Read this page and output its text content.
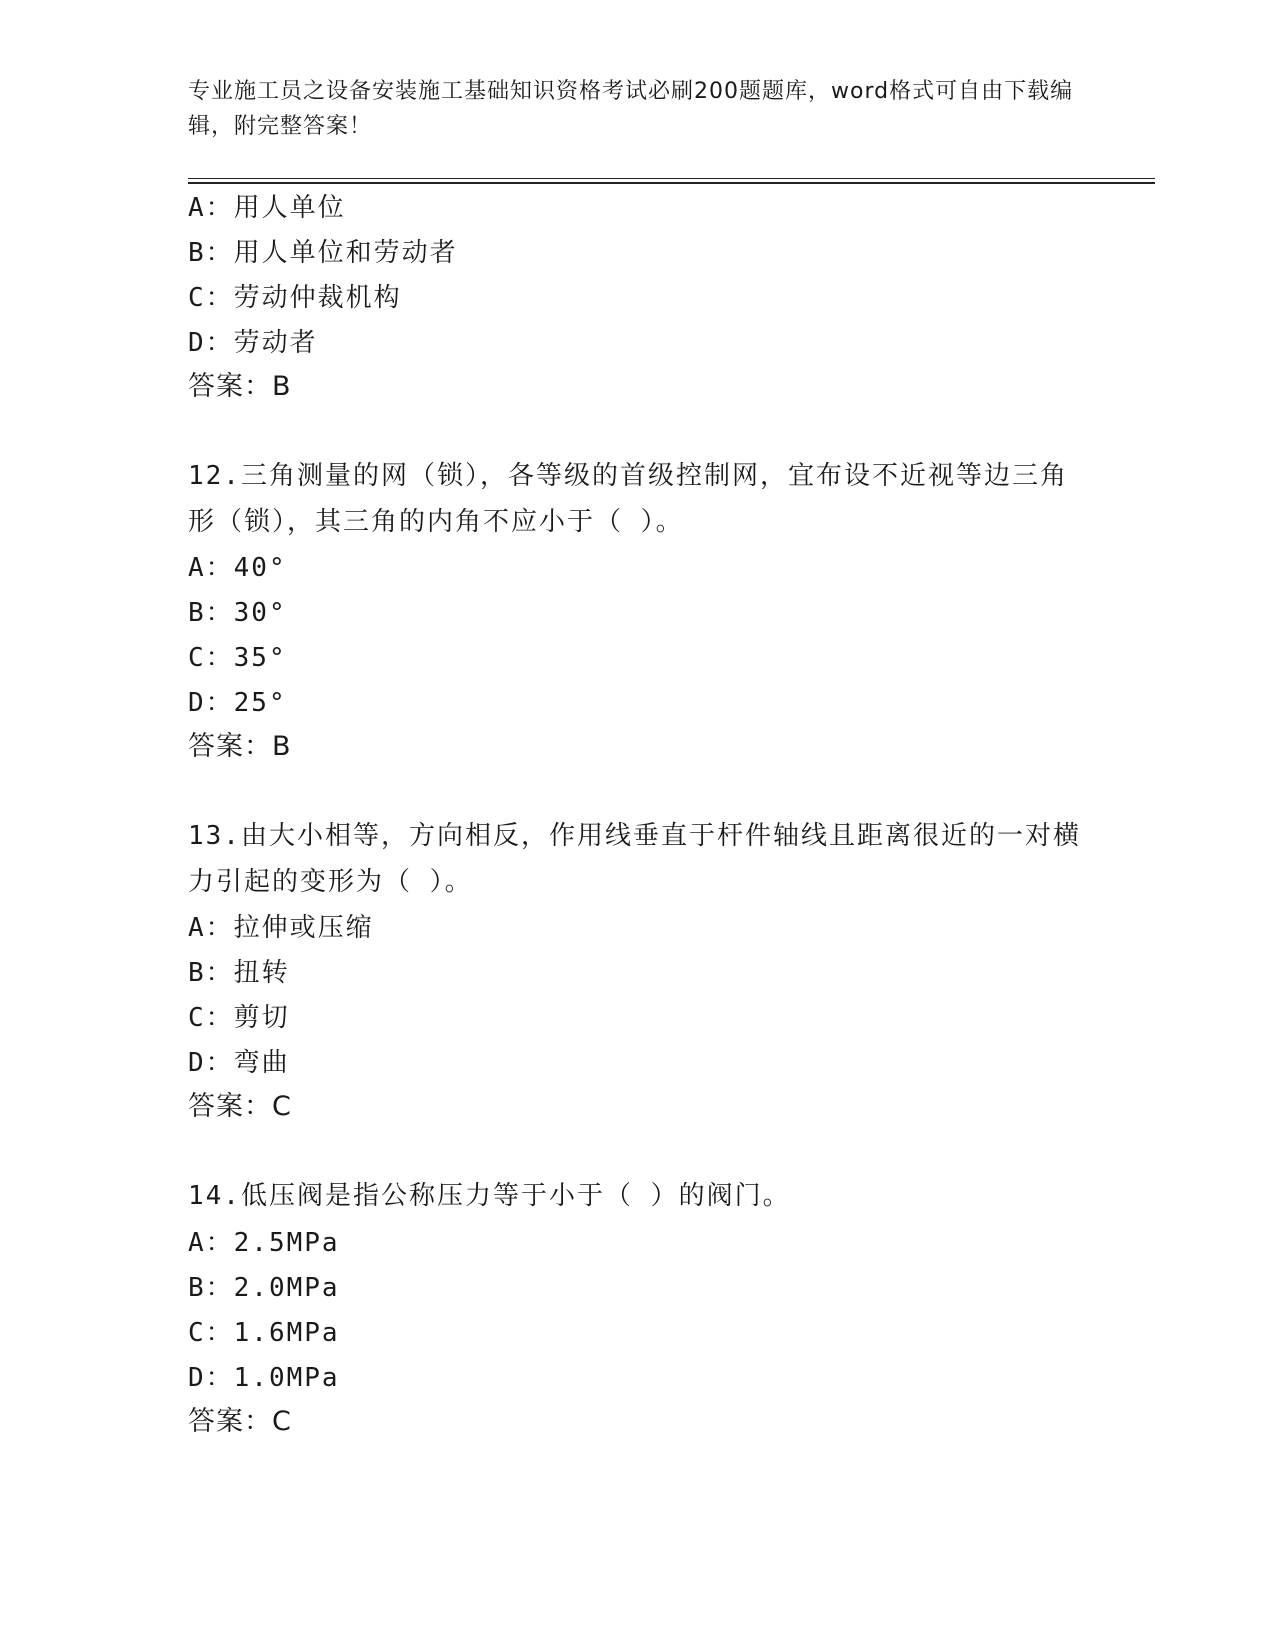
专业施工员之设备安装施工基础知识资格考试必刷200题题库，word格式可自由下载编辑，附完整答案！
A：用人单位
B：用人单位和劳动者
C：劳动仲裁机构
D：劳动者
答案：B
12.三角测量的网（锁），各等级的首级控制网，宜布设不近视等边三角形（锁），其三角的内角不应小于（ ）。
A：40°
B：30°
C：35°
D：25°
答案：B
13.由大小相等，方向相反，作用线垂直于杆件轴线且距离很近的一对横力引起的变形为（ ）。
A：拉伸或压缩
B：扭转
C：剪切
D：弯曲
答案：C
14.低压阀是指公称压力等于小于（ ）的阀门。
A：2.5MPa
B：2.0MPa
C：1.6MPa
D：1.0MPa
答案：C
